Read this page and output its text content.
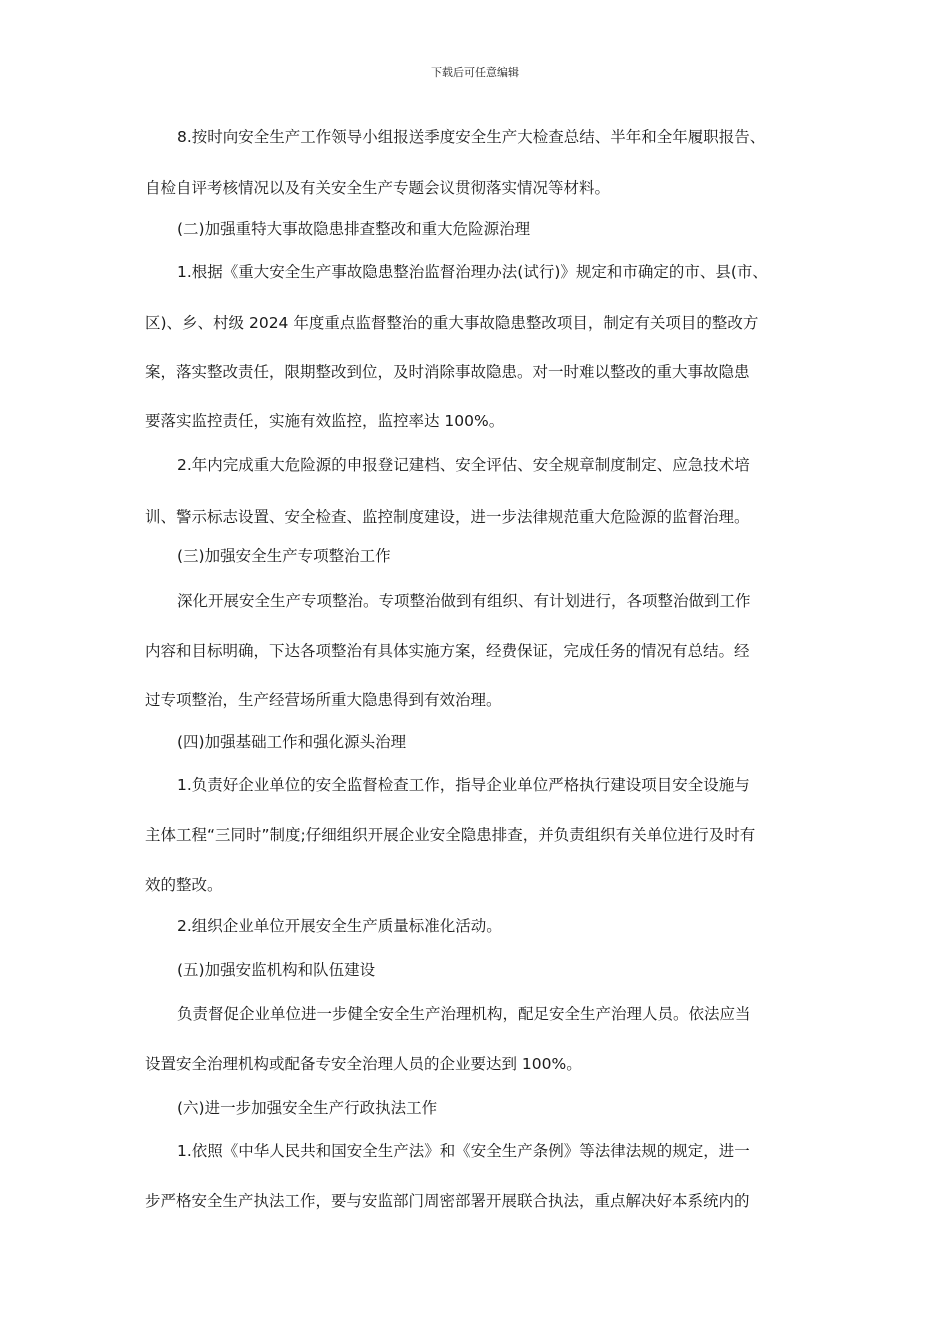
下载后可任意编辑
8.按时向安全生产工作领导小组报送季度安全生产大检查总结、半年和全年履职报告、
自检自评考核情况以及有关安全生产专题会议贯彻落实情况等材料。
(二)加强重特大事故隐患排查整改和重大危险源治理
1.根据《重大安全生产事故隐患整治监督治理办法(试行)》规定和市确定的市、县(市、
区)、乡、村级 2024 年度重点监督整治的重大事故隐患整改项目，制定有关项目的整改方
案，落实整改责任，限期整改到位，及时消除事故隐患。对一时难以整改的重大事故隐患
要落实监控责任，实施有效监控，监控率达 100%。
2.年内完成重大危险源的申报登记建档、安全评估、安全规章制度制定、应急技术培
训、警示标志设置、安全检查、监控制度建设，进一步法律规范重大危险源的监督治理。
(三)加强安全生产专项整治工作
深化开展安全生产专项整治。专项整治做到有组织、有计划进行，各项整治做到工作
内容和目标明确，下达各项整治有具体实施方案，经费保证，完成任务的情况有总结。经
过专项整治，生产经营场所重大隐患得到有效治理。
(四)加强基础工作和强化源头治理
1.负责好企业单位的安全监督检查工作，指导企业单位严格执行建设项目安全设施与
主体工程“三同时”制度;仔细组织开展企业安全隐患排查，并负责组织有关单位进行及时有
效的整改。
2.组织企业单位开展安全生产质量标准化活动。
(五)加强安监机构和队伍建设
负责督促企业单位进一步健全安全生产治理机构，配足安全生产治理人员。依法应当
设置安全治理机构或配备专安全治理人员的企业要达到 100%。
(六)进一步加强安全生产行政执法工作
1.依照《中华人民共和国安全生产法》和《安全生产条例》等法律法规的规定，进一
步严格安全生产执法工作，要与安监部门周密部署开展联合执法，重点解决好本系统内的
